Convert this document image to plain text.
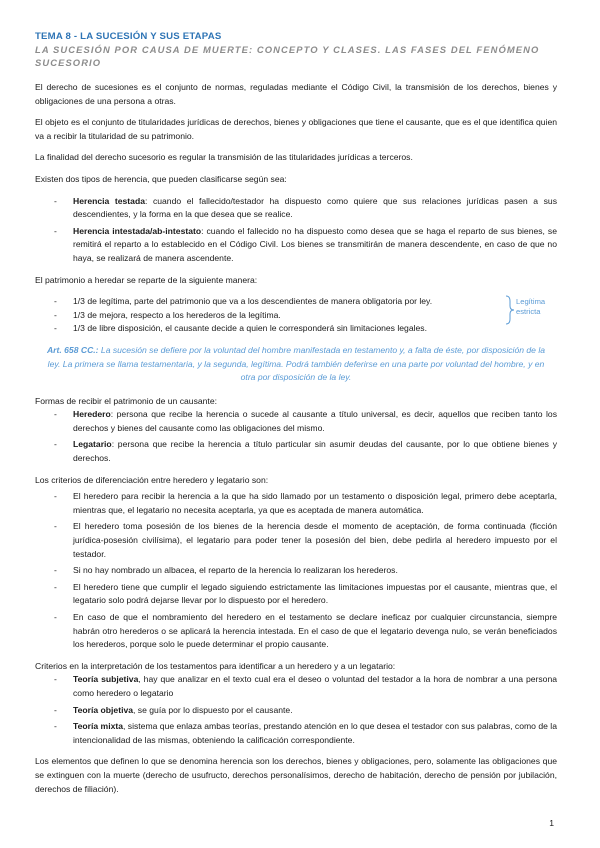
TEMA 8 - LA SUCESIÓN Y SUS ETAPAS
LA SUCESIÓN POR CAUSA DE MUERTE: CONCEPTO Y CLASES. LAS FASES DEL FENÓMENO SUCESORIO

El derecho de sucesiones es el conjunto de normas, reguladas mediante el Código Civil, la transmisión de los derechos, bienes y obligaciones de una persona a otras.

El objeto es el conjunto de titularidades jurídicas de derechos, bienes y obligaciones que tiene el causante, que es el que identifica quien va a recibir la titularidad de su patrimonio.

La finalidad del derecho sucesorio es regular la transmisión de las titularidades jurídicas a terceros.

Existen dos tipos de herencia, que pueden clasificarse según sea:

- Herencia testada: cuando el fallecido/testador ha dispuesto como quiere que sus relaciones jurídicas pasen a sus descendientes, y la forma en la que desea que se realice.
- Herencia intestada/ab-intestato: cuando el fallecido no ha dispuesto como desea que se haga el reparto de sus bienes, se remitirá el reparto a lo establecido en el Código Civil. Los bienes se transmitirán de manera descendente, en caso de que no haya, se realizará de manera ascendente.

El patrimonio a heredar se reparte de la siguiente manera:

- 1/3 de legítima, parte del patrimonio que va a los descendientes de manera obligatoria por ley.
- 1/3 de mejora, respecto a los herederos de la legítima.
- 1/3 de libre disposición, el causante decide a quien le corresponderá sin limitaciones legales.
Legítima estricta

Art. 658 CC.: La sucesión se defiere por la voluntad del hombre manifestada en testamento y, a falta de éste, por disposición de la ley. La primera se llama testamentaria, y la segunda, legítima. Podrá también deferirse en una parte por voluntad del hombre, y en otra por disposición de la ley.

Formas de recibir el patrimonio de un causante:

- Heredero: persona que recibe la herencia o sucede al causante a título universal, es decir, aquellos que reciben tanto los derechos y bienes del causante como las obligaciones del mismo.
- Legatario: persona que recibe la herencia a título particular sin asumir deudas del causante, por lo que obtiene bienes y derechos.

Los criterios de diferenciación entre heredero y legatario son:

- El heredero para recibir la herencia a la que ha sido llamado por un testamento o disposición legal, primero debe aceptarla, mientras que, el legatario no necesita aceptarla, ya que es aceptada de manera automática.
- El heredero toma posesión de los bienes de la herencia desde el momento de aceptación, de forma continuada (ficción jurídica-posesión civilísima), el legatario para poder tener la posesión del bien, debe pedirla al heredero impuesto por el testador.
- Si no hay nombrado un albacea, el reparto de la herencia lo realizaran los herederos.
- El heredero tiene que cumplir el legado siguiendo estrictamente las limitaciones impuestas por el causante, mientras que, el legatario solo podrá dejarse llevar por lo dispuesto por el heredero.
- En caso de que el nombramiento del heredero en el testamento se declare ineficaz por cualquier circunstancia, siempre habrán otro herederos o se aplicará la herencia intestada. En el caso de que el legatario devenga nulo, se verán beneficiados los herederos, porque solo le puede determinar el propio causante.

Criterios en la interpretación de los testamentos para identificar a un heredero y a un legatario:

- Teoría subjetiva, hay que analizar en el texto cual era el deseo o voluntad del testador a la hora de nombrar a una persona como heredero o legatario
- Teoría objetiva, se guía por lo dispuesto por el causante.
- Teoría mixta, sistema que enlaza ambas teorías, prestando atención en lo que desea el testador con sus palabras, como de la intencionalidad de las mismas, obteniendo la calificación correspondiente.

Los elementos que definen lo que se denomina herencia son los derechos, bienes y obligaciones, pero, solamente las obligaciones que se extinguen con la muerte (derecho de usufructo, derechos personalísimos, derecho de habitación, derecho de pensión por jubilación, derechos de filiación).

1
